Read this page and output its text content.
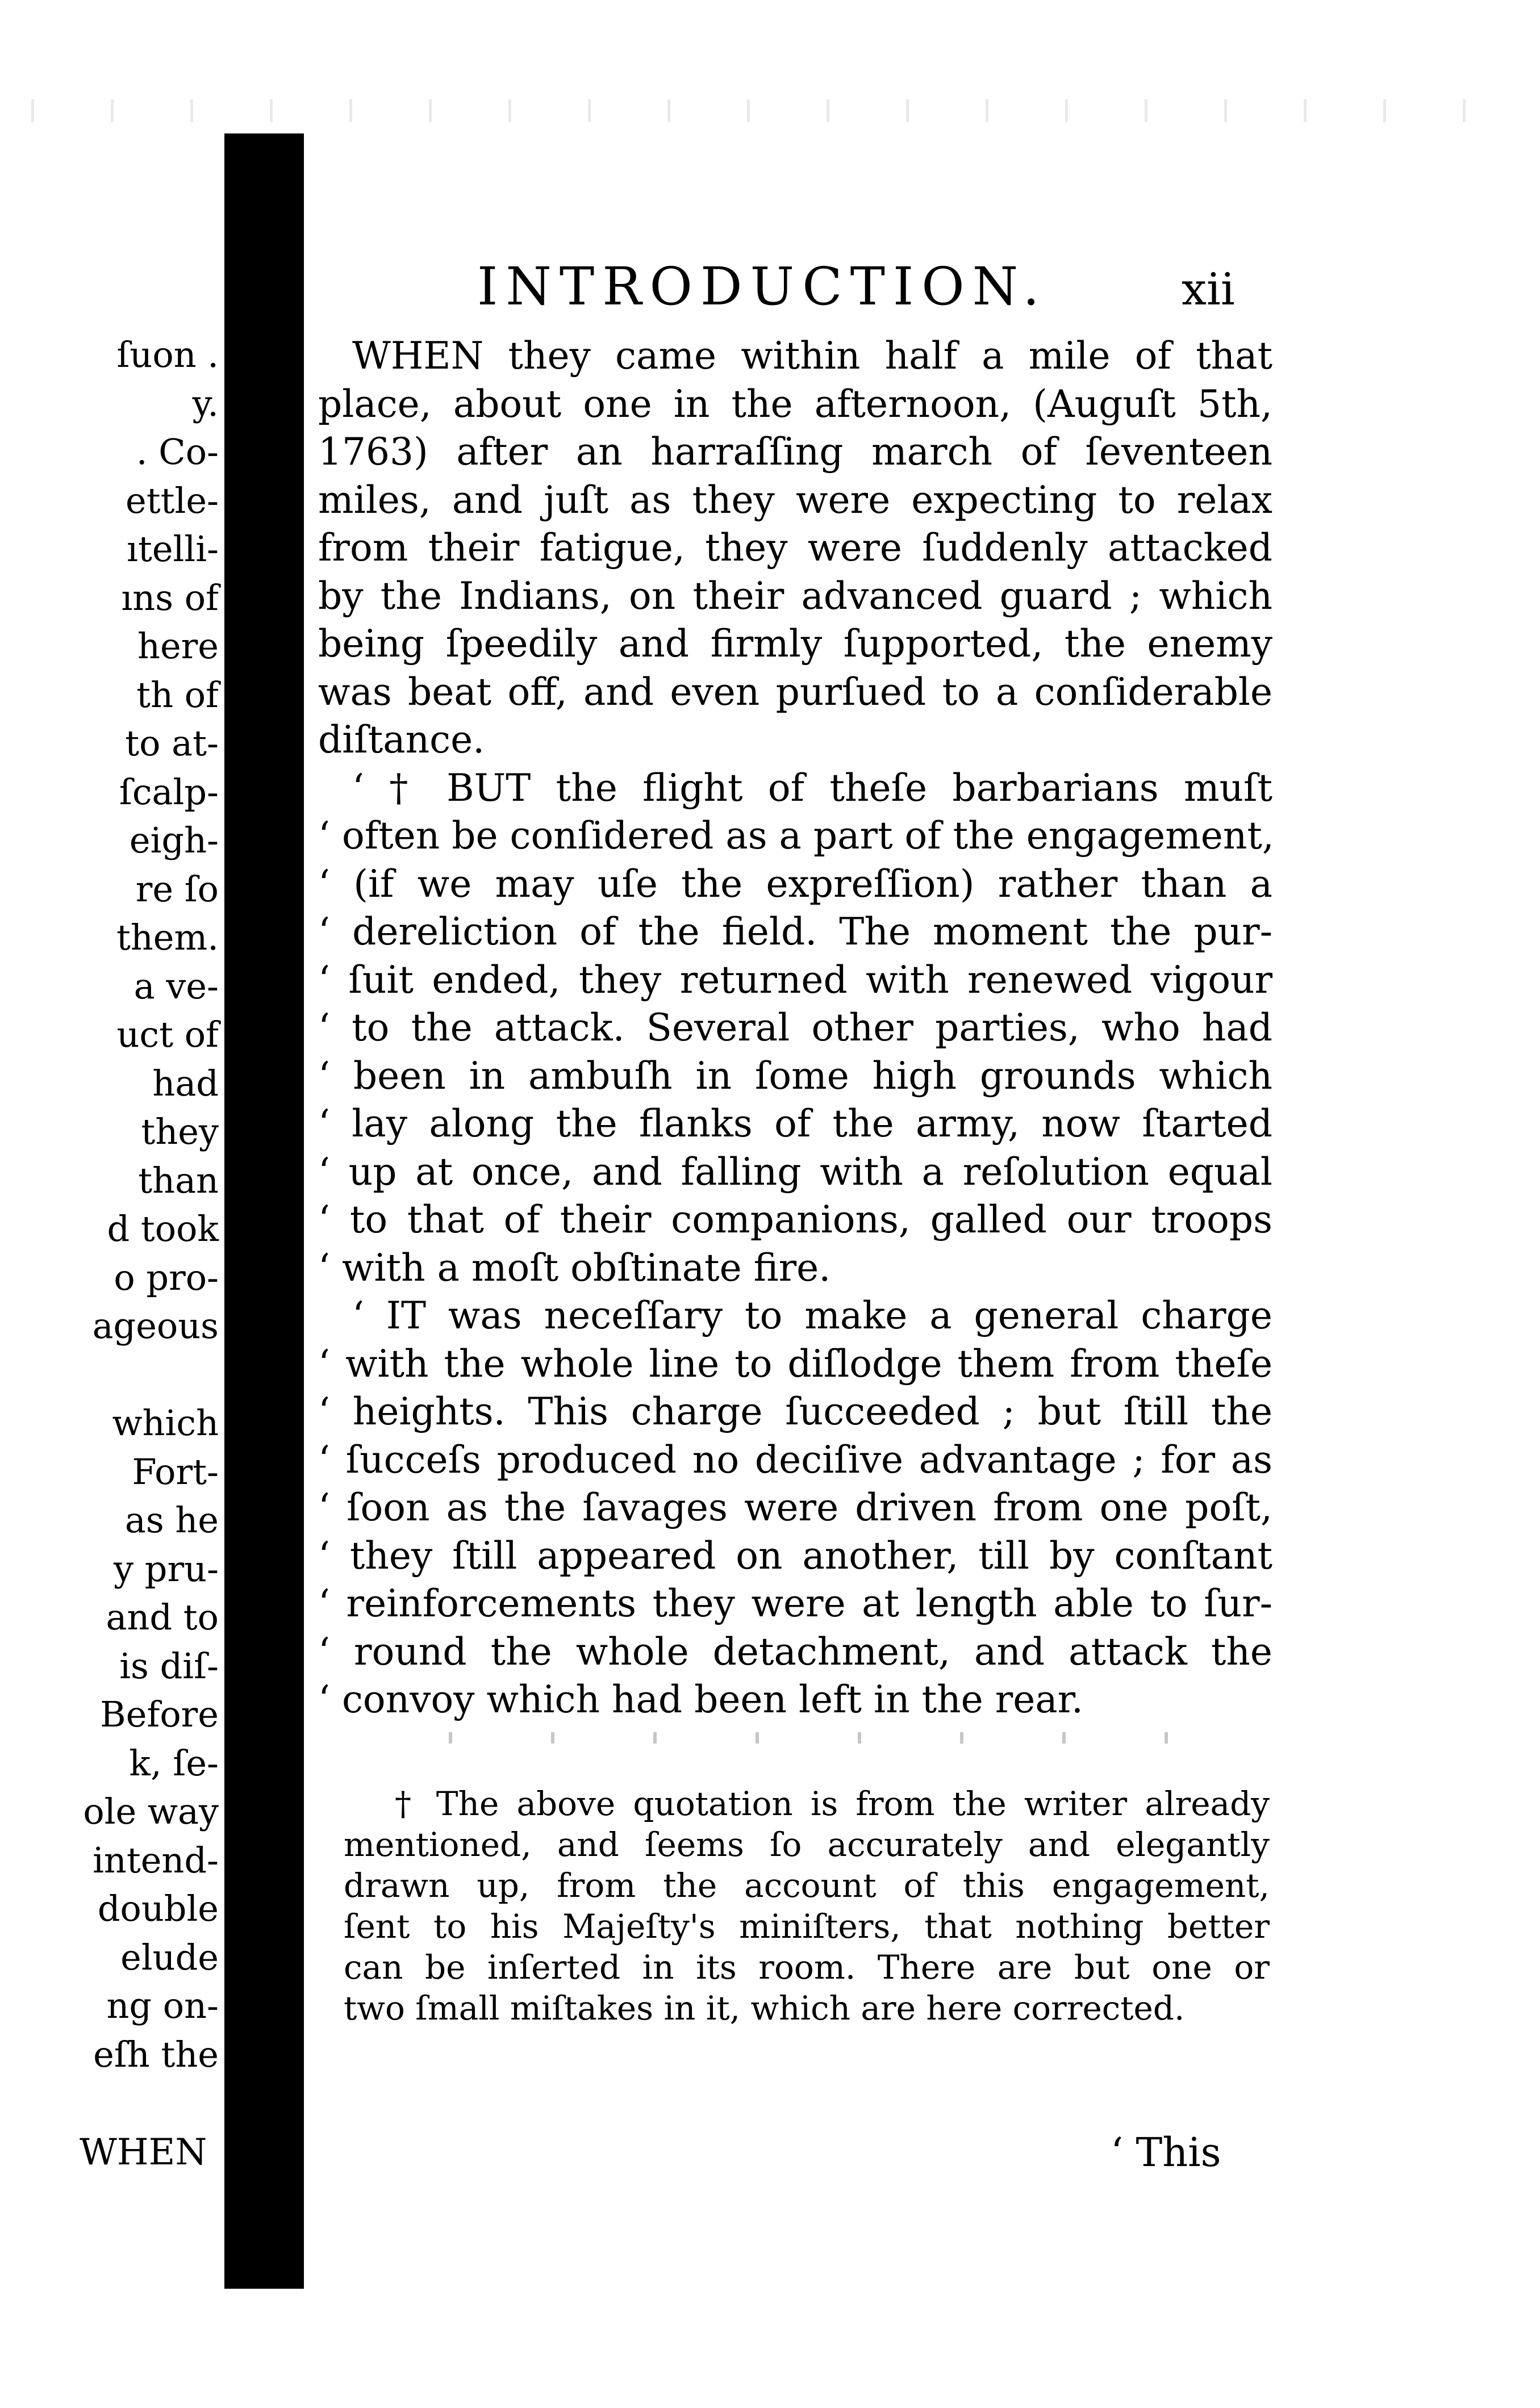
ſuon .
y.
. Co-
ettle-
ıtelli-
ıns of
here
th of
to at-
ſcalp-
eigh-
re ſo
them.
a ve-
uct of
had
they
than
d took
o pro-
ageous
which
Fort-
as he
y pru-
and to
is diſ-
Before
k, ſe-
ole way
intend-
double
elude
ng on-
eſh the
INTRODUCTION.	xii
WHEN they came within half a mile of that
place, about one in the afternoon, (Auguſt 5th,
1763) after an harraſſing march of ſeventeen
miles, and juſt as they were expecting to relax
from their fatigue, they were ſuddenly attacked
by the Indians, on their advanced guard ; which
being ſpeedily and firmly ſupported, the enemy
was beat off, and even purſued to a conſiderable
diſtance.
‘ † BUT the flight of theſe barbarians muſt
‘ often be conſidered as a part of the engagement,
‘ (if we may uſe the expreſſion) rather than a
‘ dereliction of the field. The moment the pur-
‘ ſuit ended, they returned with renewed vigour
‘ to the attack. Several other parties, who had
‘ been in ambuſh in ſome high grounds which
‘ lay along the flanks of the army, now ſtarted
‘ up at once, and falling with a reſolution equal
‘ to that of their companions, galled our troops
‘ with a moſt obſtinate fire.
‘ IT was neceſſary to make a general charge
‘ with the whole line to diſlodge them from theſe
‘ heights. This charge ſucceeded ; but ſtill the
‘ ſucceſs produced no deciſive advantage ; for as
‘ ſoon as the ſavages were driven from one poſt,
‘ they ſtill appeared on another, till by conſtant
‘ reinforcements they were at length able to ſur-
‘ round the whole detachment, and attack the
‘ convoy which had been left in the rear.
† The above quotation is from the writer already
mentioned, and ſeems ſo accurately and elegantly
drawn up, from the account of this engagement,
ſent to his Majeſty's miniſters, that nothing better
can be inſerted in its room. There are but one or
two ſmall miſtakes in it, which are here corrected.
‘ This
WHEN
